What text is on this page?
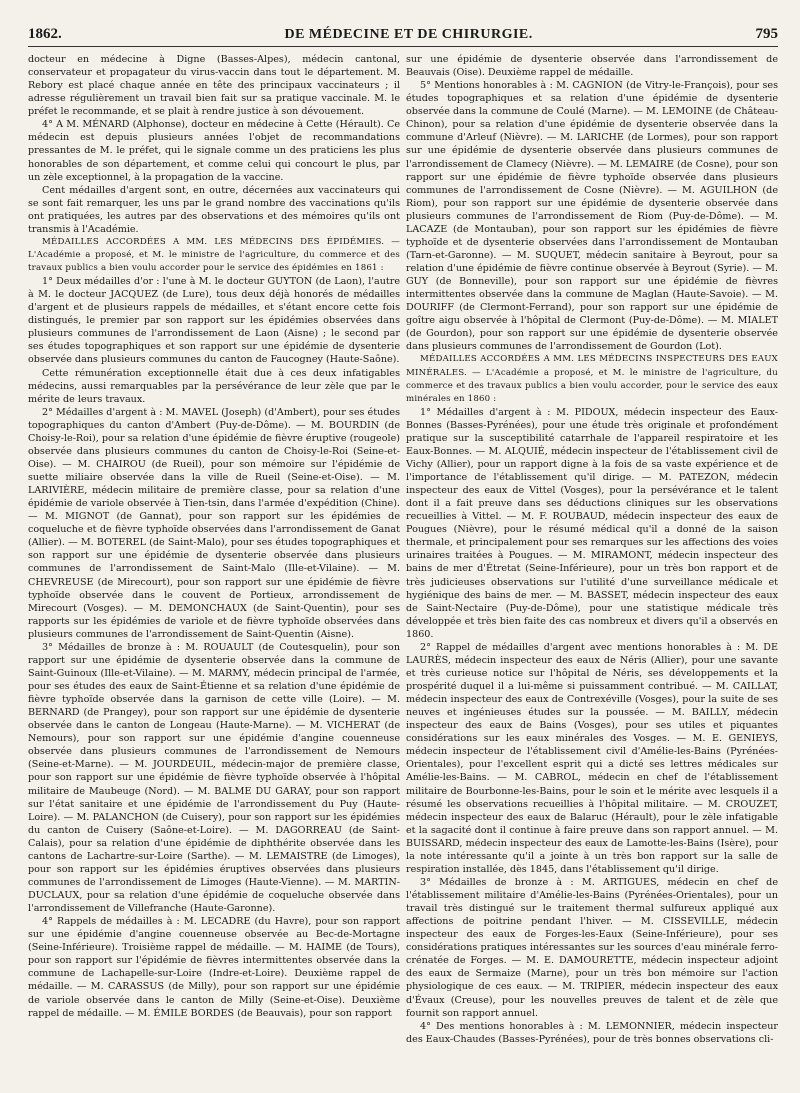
1862.	DE MÉDECINE ET DE CHIRURGIE.	795

docteur en médecine à Digne (Basses-Alpes), médecin cantonal, conservateur et propagateur du virus-vaccin dans tout le département. M. Rebory est placé chaque année en tête des principaux vaccinateurs ; il adresse régulièrement un travail bien fait sur sa pratique vaccinale. M. le préfet le recommande, et se plait à rendre justice à son dévouement.

4° A M. MÉNARD (Alphonse), docteur en médecine à Cette (Hérault). Ce médecin est depuis plusieurs années l'objet de recommandations pressantes de M. le préfet, qui le signale comme un des praticiens les plus honorables de son département, et comme celui qui concourt le plus, par un zèle exceptionnel, à la propagation de la vaccine.

Cent médailles d'argent sont, en outre, décernées aux vaccinateurs qui se sont fait remarquer, les uns par le grand nombre des vaccinations qu'ils ont pratiquées, les autres par des observations et des mémoires qu'ils ont transmis à l'Académie.

MÉDAILLES ACCORDÉES A MM. LES MÉDECINS DES ÉPIDÉMIES. — L'Académie a proposé, et M. le ministre de l'agriculture, du commerce et des travaux publics a bien voulu accorder pour le service des épidémies en 1861 :

1° Deux médailles d'or : l'une à M. le docteur GUYTON (de Laon), l'autre à M. le docteur JACQUEZ (de Lure), tous deux déjà honorés de médailles d'argent et de plusieurs rappels de médailles, et s'étant encore cette fois distingués, le premier par son rapport sur les épidémies observées dans plusieurs communes de l'arrondissement de Laon (Aisne) ; le second par ses études topographiques et son rapport sur une épidémie de dysenterie observée dans plusieurs communes du canton de Faucogney (Haute-Saône).

Cette rémunération exceptionnelle était due à ces deux infatigables médecins, aussi remarquables par la persévérance de leur zèle que par le mérite de leurs travaux.

2° Médailles d'argent à : M. MAVEL (Joseph) (d'Ambert), pour ses études topographiques du canton d'Ambert (Puy-de-Dôme). — M. BOURDIN (de Choisy-le-Roi), pour sa relation d'une épidémie de fièvre éruptive (rougeole) observée dans plusieurs communes du canton de Choisy-le-Roi (Seine-et-Oise). — M. CHAIROU (de Rueil), pour son mémoire sur l'épidémie de suette miliaire observée dans la ville de Rueil (Seine-et-Oise). — M. LARIVIÈRE, médecin militaire de première classe, pour sa relation d'une épidémie de variole observée à Tien-tsin, dans l'armée d'expédition (Chine). — M. MIGNOT (de Gannat), pour son rapport sur les épidémies de coqueluche et de fièvre typhoïde observées dans l'arrondissement de Ganat (Allier). — M. BOTEREL (de Saint-Malo), pour ses études topographiques et son rapport sur une épidémie de dysenterie observée dans plusieurs communes de l'arrondissement de Saint-Malo (Ille-et-Vilaine). — M. CHEVREUSE (de Mirecourt), pour son rapport sur une épidémie de fièvre typhoïde observée dans le couvent de Portieux, arrondissement de Mirecourt (Vosges). — M. DEMONCHAUX (de Saint-Quentin), pour ses rapports sur les épidémies de variole et de fièvre typhoïde observées dans plusieurs communes de l'arrondissement de Saint-Quentin (Aisne).

3° Médailles de bronze à : M. ROUAULT (de Coutesquelin), pour son rapport sur une épidémie de dysenterie observée dans la commune de Saint-Guinoux (Ille-et-Vilaine). — M. MARMY, médecin principal de l'armée, pour ses études des eaux de Saint-Étienne et sa relation d'une épidémie de fièvre typhoïde observée dans la garnison de cette ville (Loire). — M. BERNARD (de Prangey), pour son rapport sur une épidémie de dysenterie observée dans le canton de Longeau (Haute-Marne). — M. VICHERAT (de Nemours), pour son rapport sur une épidémie d'angine couenneuse observée dans plusieurs communes de l'arrondissement de Nemours (Seine-et-Marne). — M. JOURDEUIL, médecin-major de première classe, pour son rapport sur une épidémie de fièvre typhoïde observée à l'hôpital militaire de Maubeuge (Nord). — M. BALME DU GARAY, pour son rapport sur l'état sanitaire et une épidémie de l'arrondissement du Puy (Haute-Loire). — M. PALANCHON (de Cuisery), pour son rapport sur les épidémies du canton de Cuisery (Saône-et-Loire). — M. DAGORREAU (de Saint-Calais), pour sa relation d'une épidémie de diphthérite observée dans les cantons de Lachartre-sur-Loire (Sarthe). — M. LEMAISTRE (de Limoges), pour son rapport sur les épidémies éruptives observées dans plusieurs communes de l'arrondissement de Limoges (Haute-Vienne). — M. MARTIN-DUCLAUX, pour sa relation d'une épidémie de coqueluche observée dans l'arrondissement de Villefranche (Haute-Garonne).

4° Rappels de médailles à : M. LECADRE (du Havre), pour son rapport sur une épidémie d'angine couenneuse observée au Bec-de-Mortagne (Seine-Inférieure). Troisième rappel de médaille. — M. HAIME (de Tours), pour son rapport sur l'épidémie de fièvres intermittentes observée dans la commune de Lachapelle-sur-Loire (Indre-et-Loire). Deuxième rappel de médaille. — M. CARASSUS (de Milly), pour son rapport sur une épidémie de variole observée dans le canton de Milly (Seine-et-Oise). Deuxième rappel de médaille. — M. ÉMILE BORDES (de Beauvais), pour son rapport

sur une épidémie de dysenterie observée dans l'arrondissement de Beauvais (Oise). Deuxième rappel de médaille.

5° Mentions honorables à : M. CAGNION (de Vitry-le-François), pour ses études topographiques et sa relation d'une épidémie de dysenterie observée dans la commune de Coulé (Marne). — M. LEMOINE (de Château-Chinon), pour sa relation d'une épidémie de dysenterie observée dans la commune d'Arleuf (Nièvre). — M. LARICHE (de Lormes), pour son rapport sur une épidémie de dysenterie observée dans plusieurs communes de l'arrondissement de Clamecy (Nièvre). — M. LEMAIRE (de Cosne), pour son rapport sur une épidémie de fièvre typhoïde observée dans plusieurs communes de l'arrondissement de Cosne (Nièvre). — M. AGUILHON (de Riom), pour son rapport sur une épidémie de dysenterie observée dans plusieurs communes de l'arrondissement de Riom (Puy-de-Dôme). — M. LACAZE (de Montauban), pour son rapport sur les épidémies de fièvre typhoïde et de dysenterie observées dans l'arrondissement de Montauban (Tarn-et-Garonne). — M. SUQUET, médecin sanitaire à Beyrout, pour sa relation d'une épidémie de fièvre continue observée à Beyrout (Syrie). — M. GUY (de Bonneville), pour son rapport sur une épidémie de fièvres intermittentes observée dans la commune de Maglan (Haute-Savoie). — M. DOURIFF (de Clermont-Ferrand), pour son rapport sur une épidémie de goître aigu observée à l'hôpital de Clermont (Puy-de-Dôme). — M. MIALET (de Gourdon), pour son rapport sur une épidémie de dysenterie observée dans plusieurs communes de l'arrondissement de Gourdon (Lot).

MÉDAILLES ACCORDÉES A MM. LES MÉDECINS INSPECTEURS DES EAUX MINÉRALES. — L'Académie a proposé, et M. le ministre de l'agriculture, du commerce et des travaux publics a bien voulu accorder, pour le service des eaux minérales en 1860 :

1° Médailles d'argent à : M. PIDOUX, médecin inspecteur des Eaux-Bonnes (Basses-Pyrénées), pour une étude très originale et profondément pratique sur la susceptibilité catarrhale de l'appareil respiratoire et les Eaux-Bonnes. — M. ALQUIÉ, médecin inspecteur de l'établissement civil de Vichy (Allier), pour un rapport digne à la fois de sa vaste expérience et de l'importance de l'établissement qu'il dirige. — M. PATEZON, médecin inspecteur des eaux de Vittel (Vosges), pour la persévérance et le talent dont il a fait preuve dans ses déductions cliniques sur les observations recueillies à Vittel. — M. F. ROUBAUD, médecin inspecteur des eaux de Pougues (Nièvre), pour le résumé médical qu'il a donné de la saison thermale, et principalement pour ses remarques sur les affections des voies urinaires traitées à Pougues. — M. MIRAMONT, médecin inspecteur des bains de mer d'Étretat (Seine-Inférieure), pour un très bon rapport et de très judicieuses observations sur l'utilité d'une surveillance médicale et hygiénique des bains de mer. — M. BASSET, médecin inspecteur des eaux de Saint-Nectaire (Puy-de-Dôme), pour une statistique médicale très développée et très bien faite des cas nombreux et divers qu'il a observés en 1860.

2° Rappel de médailles d'argent avec mentions honorables à : M. DE LAURÈS, médecin inspecteur des eaux de Néris (Allier), pour une savante et très curieuse notice sur l'hôpital de Néris, ses développements et la prospérité duquel il a lui-même si puissamment contribué. — M. CAILLAT, médecin inspecteur des eaux de Contrexéville (Vosges), pour la suite de ses neuves et ingénieuses études sur la poussée. — M. BAILLY, médecin inspecteur des eaux de Bains (Vosges), pour ses utiles et piquantes considérations sur les eaux minérales des Vosges. — M. E. GENIEYS, médecin inspecteur de l'établissement civil d'Amélie-les-Bains (Pyrénées-Orientales), pour l'excellent esprit qui a dicté ses lettres médicales sur Amélie-les-Bains. — M. CABROL, médecin en chef de l'établissement militaire de Bourbonne-les-Bains, pour le soin et le mérite avec lesquels il a résumé les observations recueillies à l'hôpital militaire. — M. CROUZET, médecin inspecteur des eaux de Balaruc (Hérault), pour le zèle infatigable et la sagacité dont il continue à faire preuve dans son rapport annuel. — M. BUISSARD, médecin inspecteur des eaux de Lamotte-les-Bains (Isère), pour la note intéressante qu'il a jointe à un très bon rapport sur la salle de respiration installée, dès 1845, dans l'établissement qu'il dirige.

3° Médailles de bronze à : M. ARTIGUES, médecin en chef de l'établissement militaire d'Amélie-les-Bains (Pyrénées-Orientales), pour un travail très distingué sur le traitement thermal sulfureux appliqué aux affections de poitrine pendant l'hiver. — M. CISSEVILLE, médecin inspecteur des eaux de Forges-les-Eaux (Seine-Inférieure), pour ses considérations pratiques intéressantes sur les sources d'eau minérale ferro-crénatée de Forges. — M. E. DAMOURETTE, médecin inspecteur adjoint des eaux de Sermaize (Marne), pour un très bon mémoire sur l'action physiologique de ces eaux. — M. TRIPIER, médecin inspecteur des eaux d'Évaux (Creuse), pour les nouvelles preuves de talent et de zèle que fournit son rapport annuel.

4° Des mentions honorables à : M. LEMONNIER, médecin inspecteur des Eaux-Chaudes (Basses-Pyrénées), pour de très bonnes observations cli-
